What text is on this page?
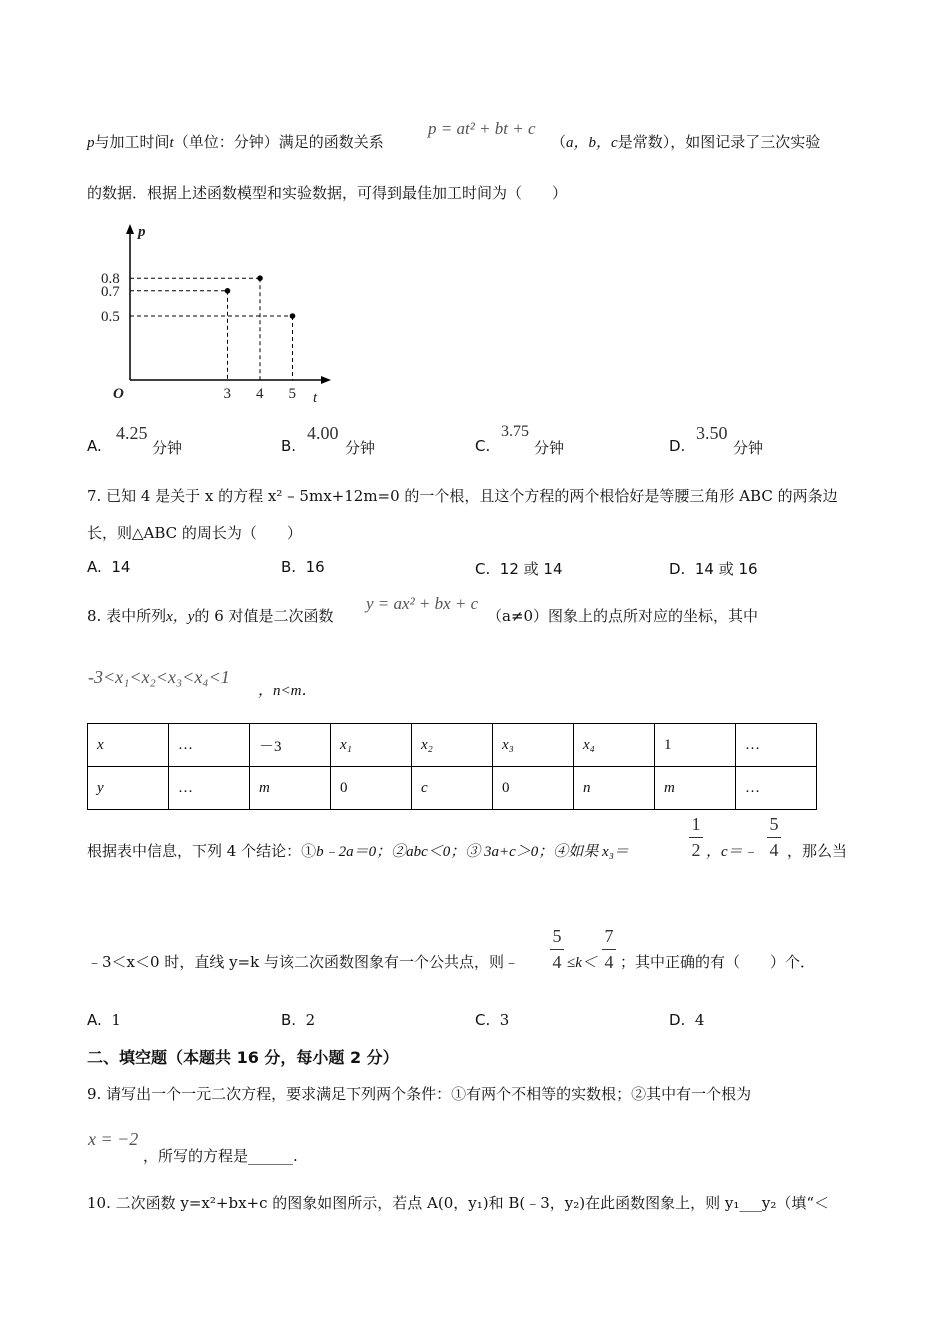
p与加工时间t（单位：分钟）满足的函数关系
p = at² + bt + c
（a，b，c是常数），如图记录了三次实验
的数据．根据上述函数模型和实验数据，可得到最佳加工时间为（　　）
p
t
O	3 4 5
0.8
0.7
0.5
A.
4.25
分钟	B.
4.00
分钟	C.
3.75
分钟	D.
3.50
分钟
7. 已知 4 是关于 x 的方程 x² – 5mx+12m=0 的一个根，且这个方程的两个根恰好是等腰三角形 ABC 的两条边
长，则△ABC 的周长为（　　）
A. 14	B. 16	C. 12 或 14	D. 14 或 16
8. 表中所列x，y的 6 对值是二次函数
y = ax² + bx + c
（a≠0）图象上的点所对应的坐标，其中
-3<x₁<x₂<x₃<x₄<1
，n<m．
x	…	－3	x₁	x₂	x₃	x₄	1	…
y	…	m	0	c	0	n	m	…
根据表中信息，下列 4 个结论：①b﹣2a＝0；②abc＜0；③ 3a+c＞0；④如果 x₃＝
1
2 ，c＝﹣
5
4 ，那么当
﹣3＜x＜0 时，直线 y=k 与该二次函数图象有一个公共点，则﹣
5
4 ≤k＜
7
4 ；其中正确的有（　　）个．
A. 1	B. 2	C. 3	D. 4
二、填空题（本题共 16 分，每小题 2 分）
9. 请写出一个一元二次方程，要求满足下列两个条件：①有两个不相等的实数根；②其中有一个根为
x = −2
，所写的方程是______.
10. 二次函数 y=x²+bx+c 的图象如图所示，若点 A(0，y₁)和 B(﹣3，y₂)在此函数图象上，则 y₁___y₂（填“＜
